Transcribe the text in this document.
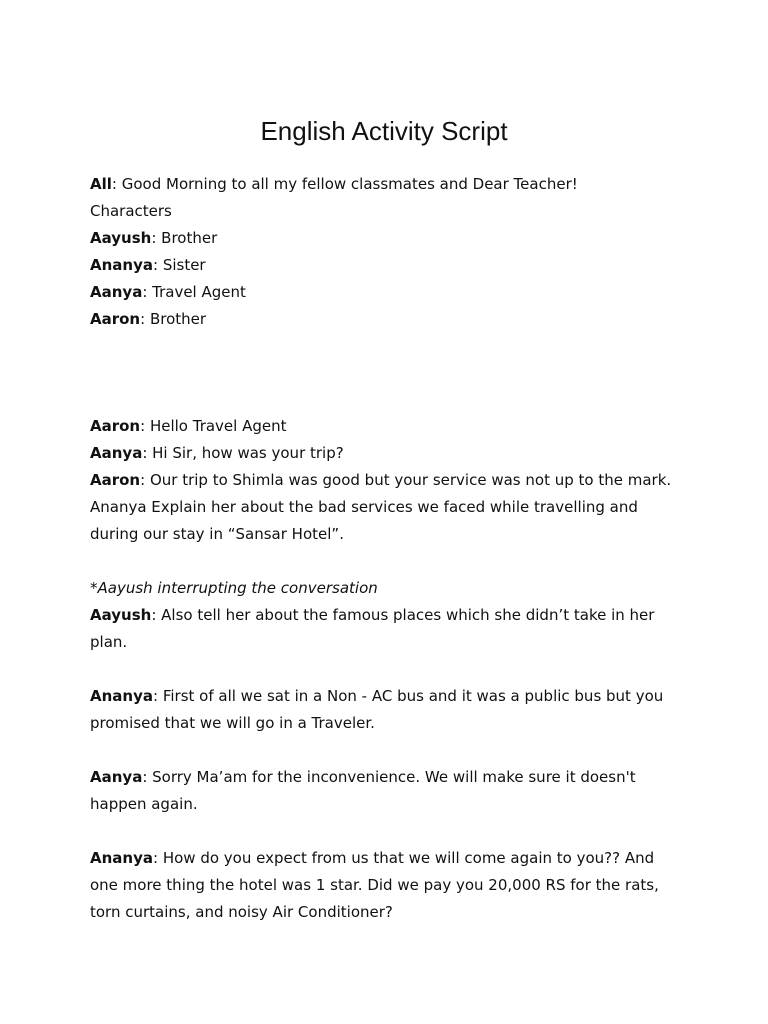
English Activity Script
All: Good Morning to all my fellow classmates and Dear Teacher!
Characters
Aayush: Brother
Ananya: Sister
Aanya: Travel Agent
Aaron: Brother
Aaron: Hello Travel Agent
Aanya: Hi Sir, how was your trip?
Aaron: Our trip to Shimla was good but your service was not up to the mark.
Ananya Explain her about the bad services we faced while travelling and
during our stay in “Sansar Hotel”.
*Aayush interrupting the conversation
Aayush: Also tell her about the famous places which she didn’t take in her
plan.
Ananya: First of all we sat in a Non - AC bus and it was a public bus but you
promised that we will go in a Traveler.
Aanya: Sorry Ma’am for the inconvenience. We will make sure it doesn't
happen again.
Ananya: How do you expect from us that we will come again to you?? And
one more thing the hotel was 1 star. Did we pay you 20,000 RS for the rats,
torn curtains, and noisy Air Conditioner?
